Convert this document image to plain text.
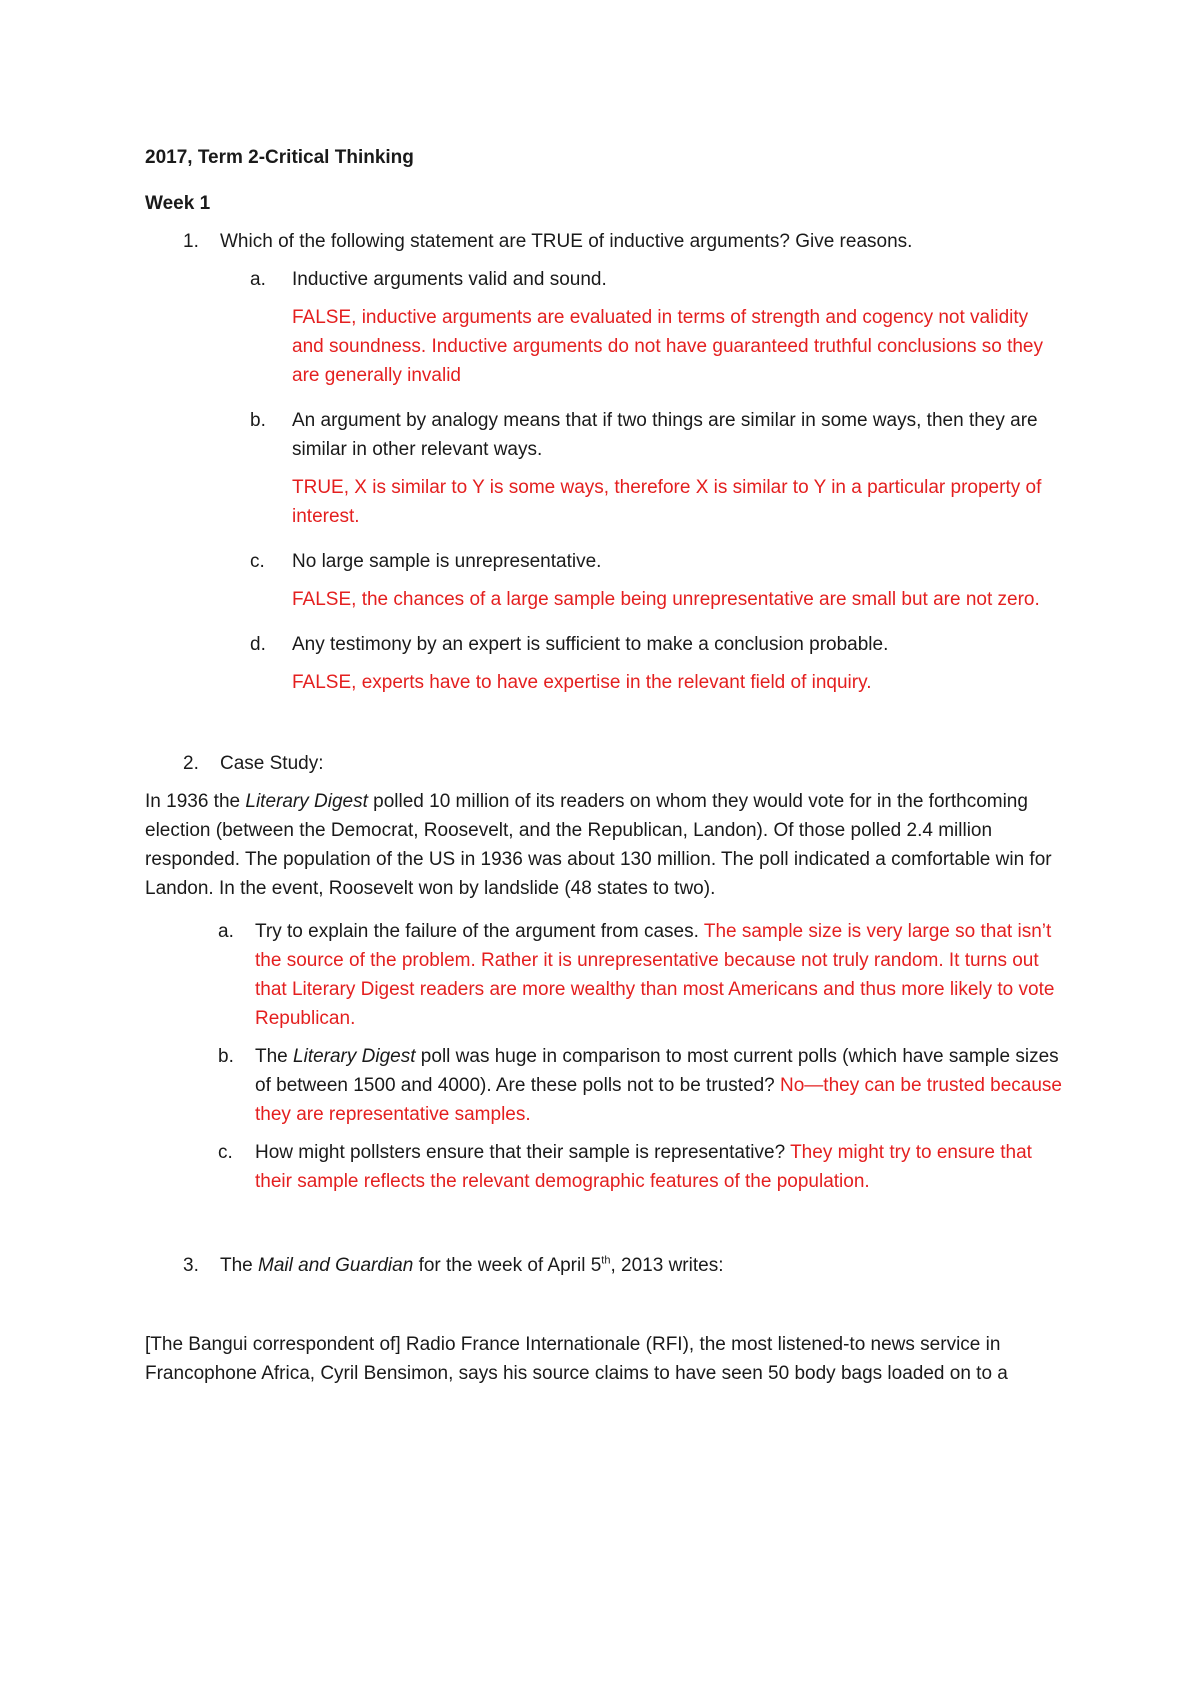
2017, Term 2-Critical Thinking
Week 1
1. Which of the following statement are TRUE of inductive arguments? Give reasons.
a. Inductive arguments valid and sound.
FALSE, inductive arguments are evaluated in terms of strength and cogency not validity and soundness. Inductive arguments do not have guaranteed truthful conclusions so they are generally invalid
b. An argument by analogy means that if two things are similar in some ways, then they are similar in other relevant ways.
TRUE, X is similar to Y is some ways, therefore X is similar to Y in a particular property of interest.
c. No large sample is unrepresentative.
FALSE, the chances of a large sample being unrepresentative are small but are not zero.
d. Any testimony by an expert is sufficient to make a conclusion probable.
FALSE, experts have to have expertise in the relevant field of inquiry.
2. Case Study:
In 1936 the Literary Digest polled 10 million of its readers on whom they would vote for in the forthcoming election (between the Democrat, Roosevelt, and the Republican, Landon). Of those polled 2.4 million responded. The population of the US in 1936 was about 130 million. The poll indicated a comfortable win for Landon. In the event, Roosevelt won by landslide (48 states to two).
a. Try to explain the failure of the argument from cases. The sample size is very large so that isn’t the source of the problem. Rather it is unrepresentative because not truly random. It turns out that Literary Digest readers are more wealthy than most Americans and thus more likely to vote Republican.
b. The Literary Digest poll was huge in comparison to most current polls (which have sample sizes of between 1500 and 4000). Are these polls not to be trusted? No—they can be trusted because they are representative samples.
c. How might pollsters ensure that their sample is representative? They might try to ensure that their sample reflects the relevant demographic features of the population.
3. The Mail and Guardian for the week of April 5th, 2013 writes:
[The Bangui correspondent of] Radio France Internationale (RFI), the most listened-to news service in Francophone Africa, Cyril Bensimon, says his source claims to have seen 50 body bags loaded on to a
